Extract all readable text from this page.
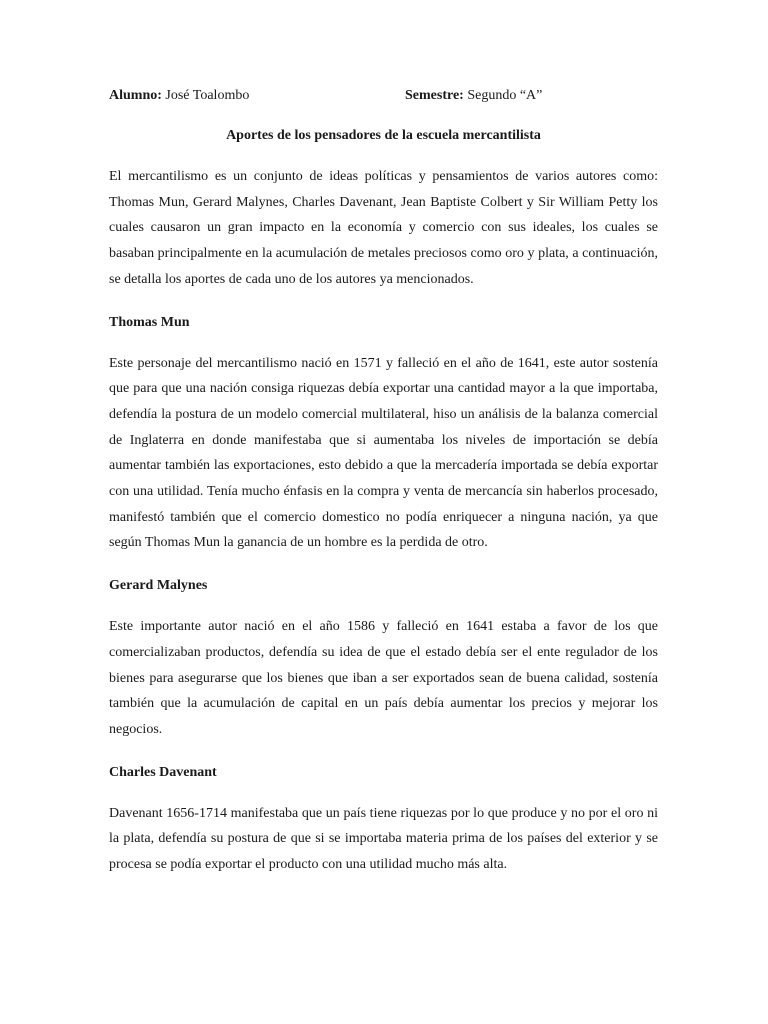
Alumno: José Toalombo	Semestre: Segundo “A”
Aportes de los pensadores de la escuela mercantilista

El mercantilismo es un conjunto de ideas políticas y pensamientos de varios autores como: Thomas Mun, Gerard Malynes, Charles Davenant, Jean Baptiste Colbert y Sir William Petty los cuales causaron un gran impacto en la economía y comercio con sus ideales, los cuales se basaban principalmente en la acumulación de metales preciosos como oro y plata, a continuación, se detalla los aportes de cada uno de los autores ya mencionados.

Thomas Mun

Este personaje del mercantilismo nació en 1571 y falleció en el año de 1641, este autor sostenía que para que una nación consiga riquezas debía exportar una cantidad mayor a la que importaba, defendía la postura de un modelo comercial multilateral, hiso un análisis de la balanza comercial de Inglaterra en donde manifestaba que si aumentaba los niveles de importación se debía aumentar también las exportaciones, esto debido a que la mercadería importada se debía exportar con una utilidad. Tenía mucho énfasis en la compra y venta de mercancía sin haberlos procesado, manifestó también que el comercio domestico no podía enriquecer a ninguna nación, ya que según Thomas Mun la ganancia de un hombre es la perdida de otro.

Gerard Malynes

Este importante autor nació en el año 1586 y falleció en 1641 estaba a favor de los que comercializaban productos, defendía su idea de que el estado debía ser el ente regulador de los bienes para asegurarse que los bienes que iban a ser exportados sean de buena calidad, sostenía también que la acumulación de capital en un país debía aumentar los precios y mejorar los negocios.

Charles Davenant

Davenant 1656-1714 manifestaba que un país tiene riquezas por lo que produce y no por el oro ni la plata, defendía su postura de que si se importaba materia prima de los países del exterior y se procesa se podía exportar el producto con una utilidad mucho más alta.
